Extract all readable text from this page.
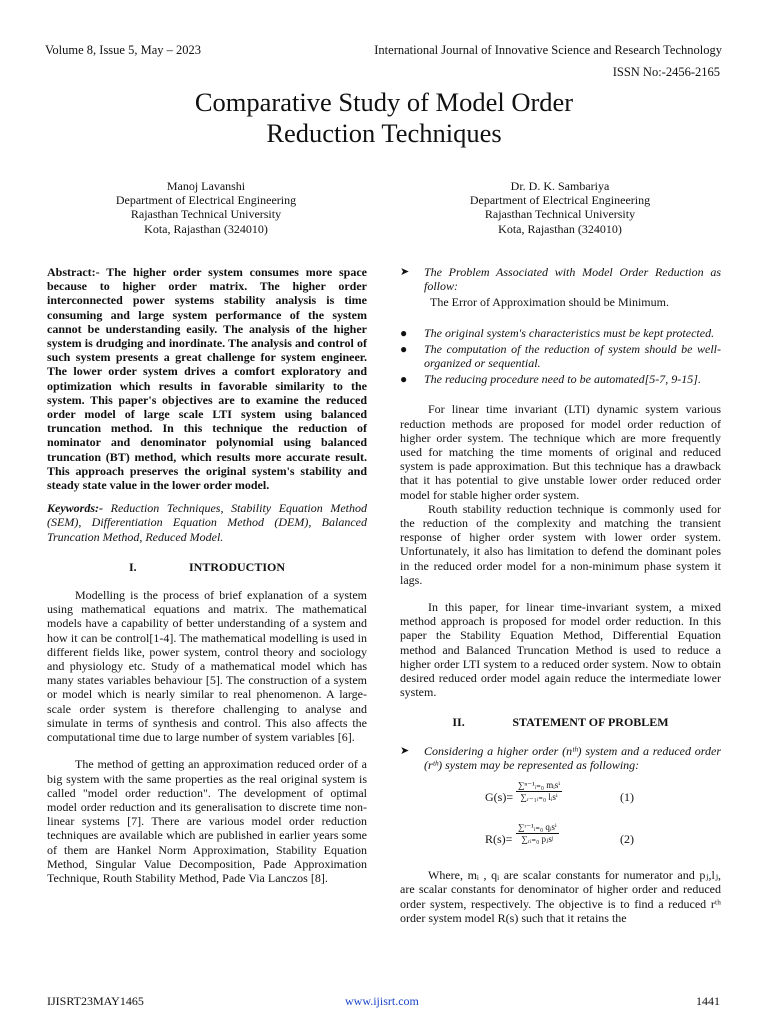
Volume 8, Issue 5, May – 2023	International Journal of Innovative Science and Research Technology
ISSN No:-2456-2165
Comparative Study of Model Order
Reduction Techniques
Manoj Lavanshi
Department of Electrical Engineering
Rajasthan Technical University
Kota, Rajasthan (324010)
Dr. D. K. Sambariya
Department of Electrical Engineering
Rajasthan Technical University
Kota, Rajasthan (324010)

Abstract:- The higher order system consumes more space because to higher order matrix. The higher order interconnected power systems stability analysis is time consuming and large system performance of the system cannot be understanding easily. The analysis of the higher system is drudging and inordinate. The analysis and control of such system presents a great challenge for system engineer. The lower order system drives a comfort exploratory and optimization which results in favorable similarity to the system. This paper's objectives are to examine the reduced order model of large scale LTI system using balanced truncation method. In this technique the reduction of nominator and denominator polynomial using balanced truncation (BT) method, which results more accurate result. This approach preserves the original system's stability and steady state value in the lower order model.

Keywords:- Reduction Techniques, Stability Equation Method (SEM), Differentiation Equation Method (DEM), Balanced Truncation Method, Reduced Model.

I.	INTRODUCTION

Modelling is the process of brief explanation of a system using mathematical equations and matrix. The mathematical models have a capability of better understanding of a system and how it can be control[1-4]. The mathematical modelling is used in different fields like, power system, control theory and sociology and physiology etc. Study of a mathematical model which has many states variables behaviour [5]. The construction of a system or model which is nearly similar to real phenomenon. A large-scale order system is therefore challenging to analyse and simulate in terms of synthesis and control. This also affects the computational time due to large number of system variables [6].

The method of getting an approximation reduced order of a big system with the same properties as the real original system is called "model order reduction". The development of optimal model order reduction and its generalisation to discrete time non-linear systems [7]. There are various model order reduction techniques are available which are published in earlier years some of them are Hankel Norm Approximation, Stability Equation Method, Singular Value Decomposition, Pade Approximation Technique, Routh Stability Method, Pade Via Lanczos [8].

➤	The Problem Associated with Model Order Reduction as follow:

The Error of Approximation should be Minimum.

●	The original system's characteristics must be kept protected.
●	The computation of the reduction of system should be well-organized or sequential.
●	The reducing procedure need to be automated[5-7, 9-15].

For linear time invariant (LTI) dynamic system various reduction methods are proposed for model order reduction of higher order system. The technique which are more frequently used for matching the time moments of original and reduced system is pade approximation. But this technique has a drawback that it has potential to give unstable lower order reduced order model for stable higher order system.

Routh stability reduction technique is commonly used for the reduction of the complexity and matching the transient response of higher order system with lower order system. Unfortunately, it also has limitation to defend the dominant poles in the reduced order model for a non-minimum phase system it lags.

In this paper, for linear time-invariant system, a mixed method approach is proposed for model order reduction. In this paper the Stability Equation Method, Differential Equation method and Balanced Truncation Method is used to reduce a higher order LTI system to a reduced order system. Now to obtain desired reduced order model again reduce the intermediate lower system.

II.	STATEMENT OF PROBLEM
➤	Considering a higher order (nᵗʰ) system and a reduced order (rᵗʰ) system may be represented as following:
G(s)=
∑ⁿ⁻¹ᵢ₌₀ mᵢsⁱ
∑ᵣ₋₁ᵢ₌₀ lᵢsⁱ	(1)
R(s)=
∑ʳ⁻¹ᵢ₌₀ qᵢsⁱ
∑ᵣᵢ₌₀ pⱼsʲ	(2)

Where, mᵢ , qᵢ are scalar constants for numerator and pⱼ,lⱼ, are scalar constants for denominator of higher order and reduced order system, respectively. The objective is to find a reduced rᵗʰ order system model R(s) such that it retains the

IJISRT23MAY1465	www.ijisrt.com	1441
